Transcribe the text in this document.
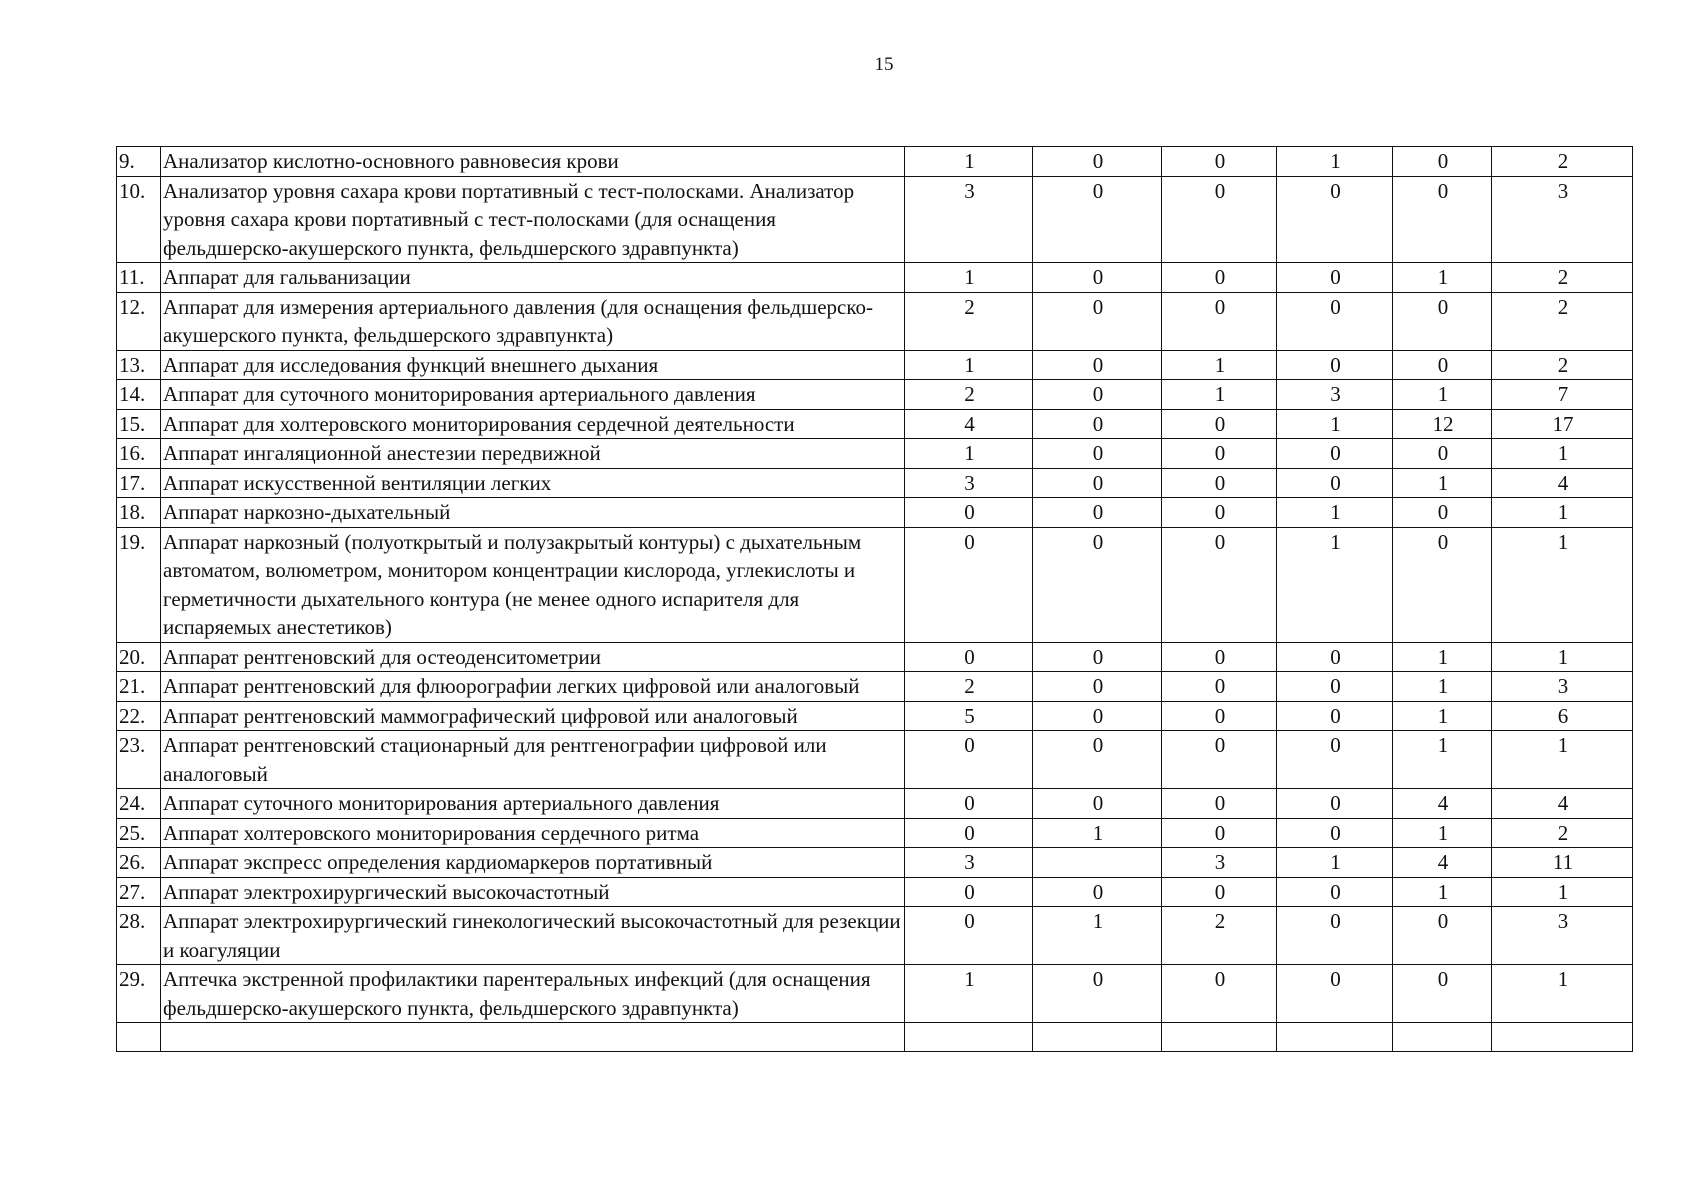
15
9.	Анализатор кислотно-основного равновесия крови	1	0	0	1	0	2
10.	Анализатор уровня сахара крови портативный с тест-полосками. Анализатор уровня сахара крови портативный с тест-полосками (для оснащения фельдшерско-акушерского пункта, фельдшерского здравпункта)	3	0	0	0	0	3
11.	Аппарат для гальванизации	1	0	0	0	1	2
12.	Аппарат для измерения артериального давления (для оснащения фельдшерско-акушерского пункта, фельдшерского здравпункта)	2	0	0	0	0	2
13.	Аппарат для исследования функций внешнего дыхания	1	0	1	0	0	2
14.	Аппарат для суточного мониторирования артериального давления	2	0	1	3	1	7
15.	Аппарат для холтеровского мониторирования сердечной деятельности	4	0	0	1	12	17
16.	Аппарат ингаляционной анестезии передвижной	1	0	0	0	0	1
17.	Аппарат искусственной вентиляции легких	3	0	0	0	1	4
18.	Аппарат наркозно-дыхательный	0	0	0	1	0	1
19.	Аппарат наркозный (полуоткрытый и полузакрытый контуры) с дыхательным автоматом, волюметром, монитором концентрации кислорода, углекислоты и герметичности дыхательного контура (не менее одного испарителя для испаряемых анестетиков)	0	0	0	1	0	1
20.	Аппарат рентгеновский для остеоденситометрии	0	0	0	0	1	1
21.	Аппарат рентгеновский для флюорографии легких цифровой или аналоговый	2	0	0	0	1	3
22.	Аппарат рентгеновский маммографический цифровой или аналоговый	5	0	0	0	1	6
23.	Аппарат рентгеновский стационарный для рентгенографии цифровой или аналоговый	0	0	0	0	1	1
24.	Аппарат суточного мониторирования артериального давления	0	0	0	0	4	4
25.	Аппарат холтеровского мониторирования сердечного ритма	0	1	0	0	1	2
26.	Аппарат экспресс определения кардиомаркеров портативный	3		3	1	4	11
27.	Аппарат электрохирургический высокочастотный	0	0	0	0	1	1
28.	Аппарат электрохирургический гинекологический высокочастотный для резекции и коагуляции	0	1	2	0	0	3
29.	Аптечка экстренной профилактики парентеральных инфекций (для оснащения фельдшерско-акушерского пункта, фельдшерского здравпункта)	1	0	0	0	0	1
